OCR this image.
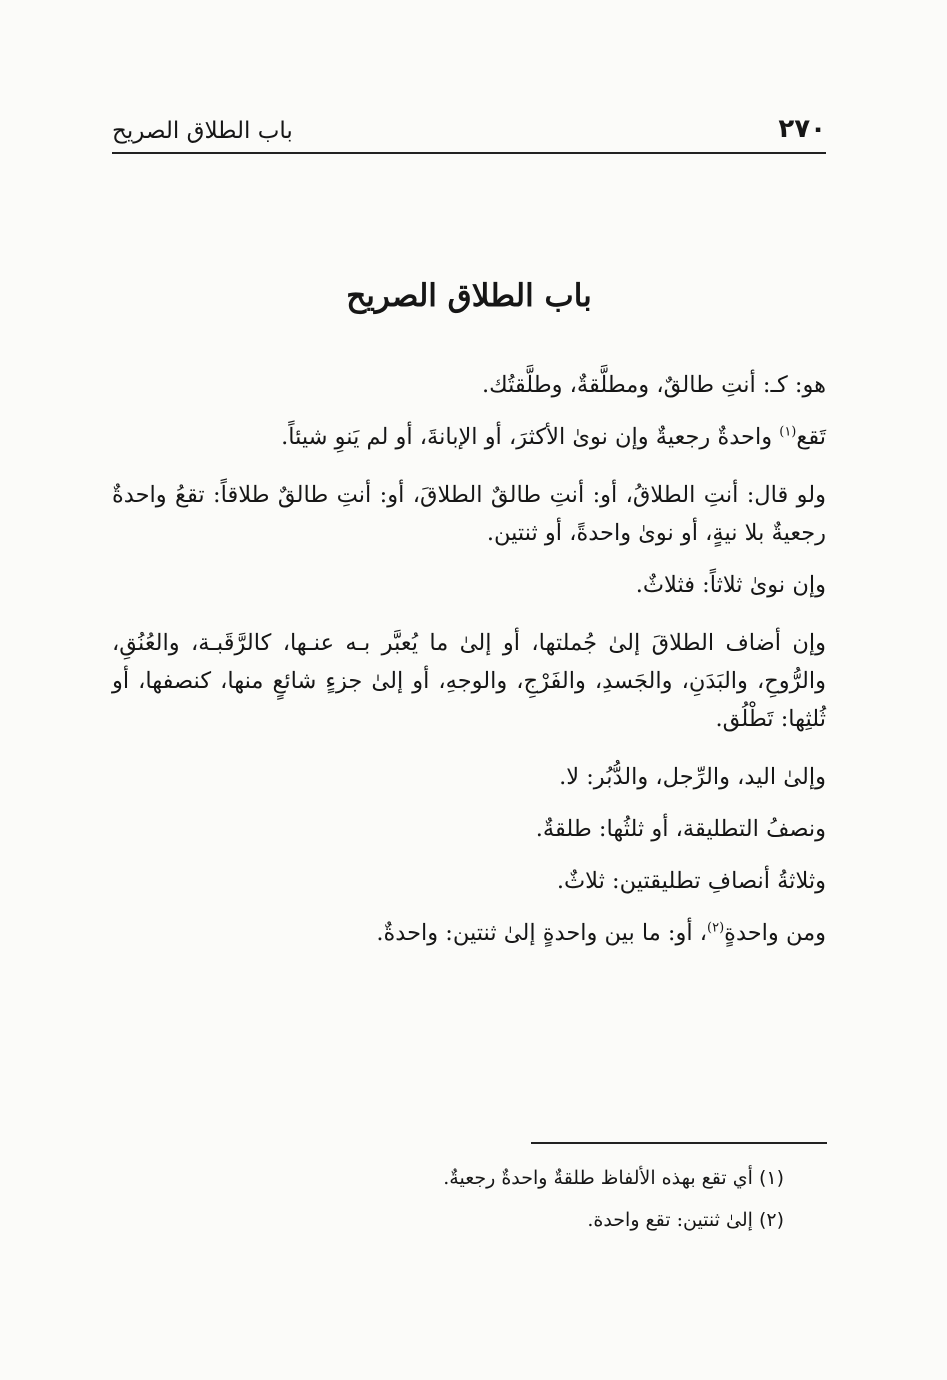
٢٧٠
باب الطلاق الصريح
باب الطلاق الصريح

هو: كـ: أنتِ طالقٌ، ومطلَّقةٌ، وطلَّقتُك.

تَقع$^{(١)}$ واحدةٌ رجعيةٌ وإن نوىٰ الأكثرَ، أو الإبانةَ، أو لم يَنوِ شيئاً.

ولو قال: أنتِ الطلاقُ، أو: أنتِ طالقٌ الطلاقَ، أو: أنتِ طالقٌ طلاقاً: تقعُ واحدةٌ رجعيةٌ بلا نيةٍ، أو نوىٰ واحدةً، أو ثنتين.

وإن نوىٰ ثلاثاً: فثلاثٌ.

وإن أضاف الطلاقَ إلىٰ جُملتها، أو إلىٰ ما يُعبَّر بـه عنـها، كالرَّقَبـة، والعُنُقِ، والرُّوحِ، والبَدَنِ، والجَسدِ، والفَرْجِ، والوجهِ، أو إلىٰ جزءٍ شائعٍ منها، كنصفها، أو ثُلثِها: تَطْلُق.

وإلىٰ اليد، والرِّجل، والدُّبُر: لا.

ونصفُ التطليقة، أو ثلثُها: طلقةٌ.

وثلاثةُ أنصافِ تطليقتين: ثلاثٌ.

ومن واحدةٍ$^{(٢)}$، أو: ما بين واحدةٍ إلىٰ ثنتين: واحدةٌ.

(١) أي تقع بهذه الألفاظ طلقةٌ واحدةٌ رجعيةٌ.

(٢) إلىٰ ثنتين: تقع واحدة.
